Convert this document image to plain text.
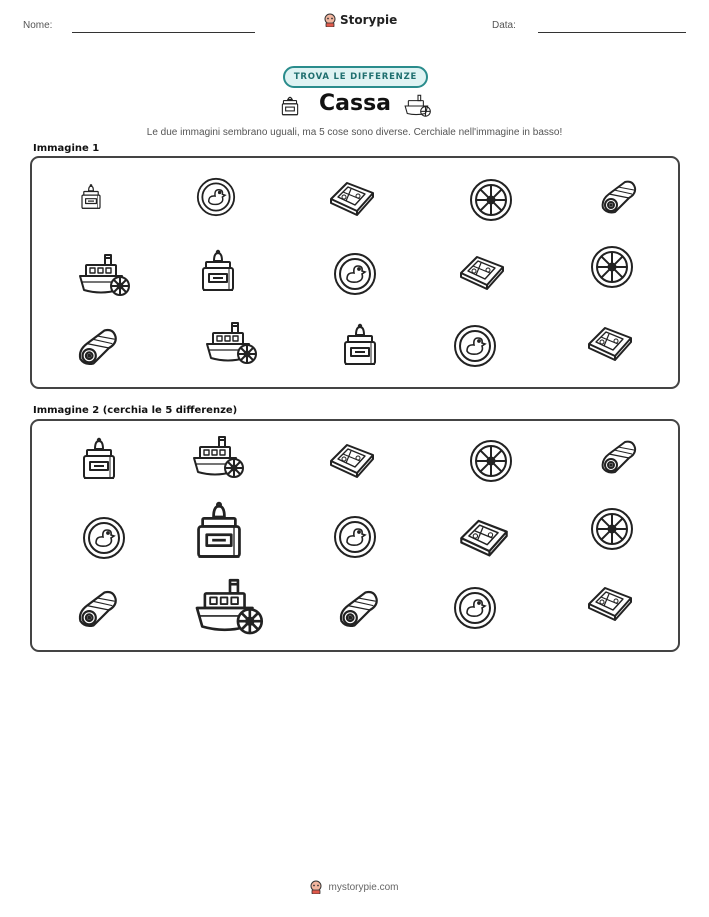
Nome:	Storypie	Data:
TROVA LE DIFFERENZE
Cassa
Le due immagini sembrano uguali, ma 5 cose sono diverse. Cerchiale nell'immagine in basso!
Immagine 1
Immagine 2 (cerchia le 5 differenze)
mystorypie.com
